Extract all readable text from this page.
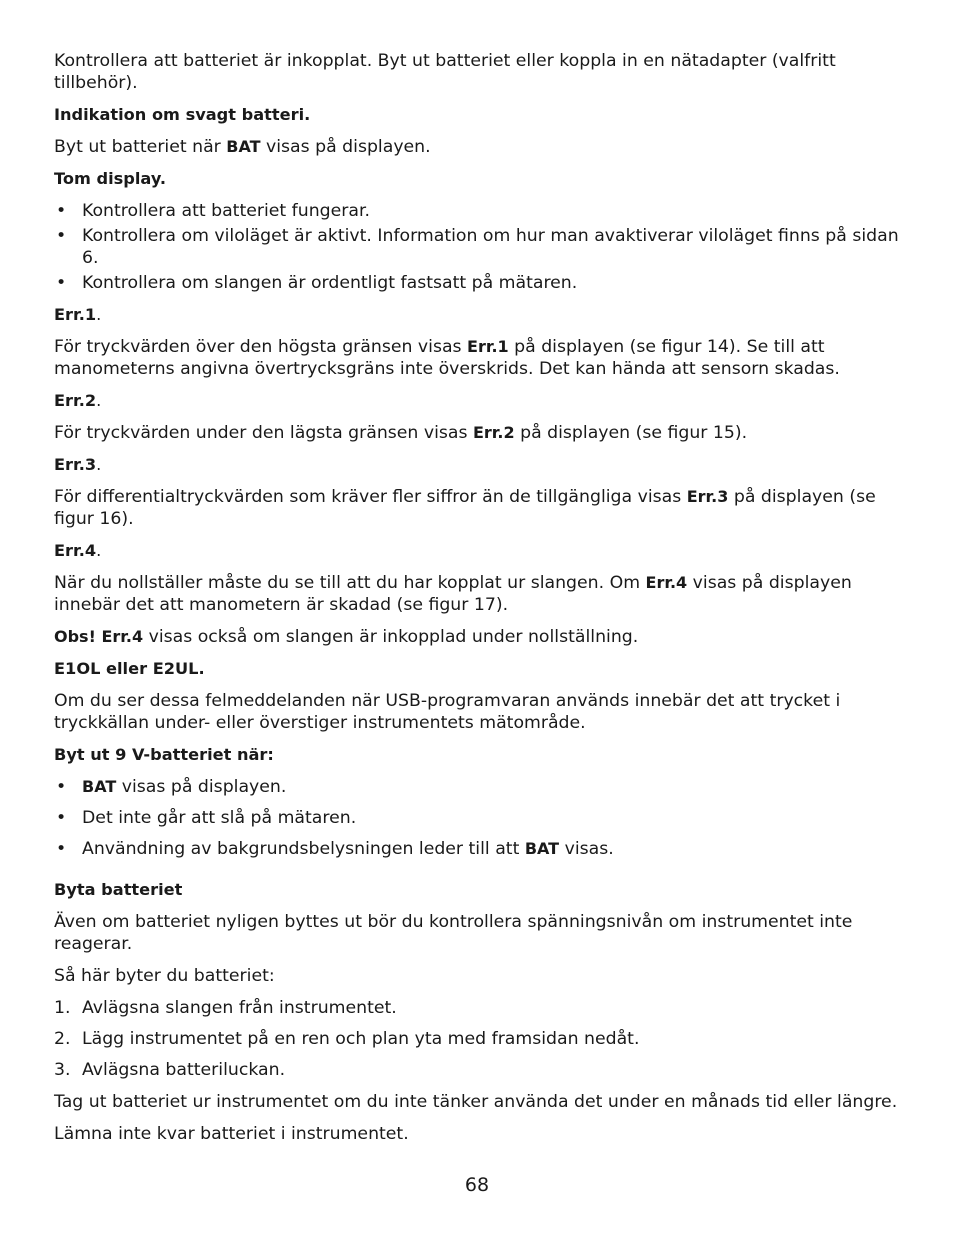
Kontrollera att batteriet är inkopplat. Byt ut batteriet eller koppla in en nätadapter (valfritt tillbehör).

Indikation om svagt batteri.

Byt ut batteriet när BAT visas på displayen.

Tom display.

• Kontrollera att batteriet fungerar.
• Kontrollera om viloläget är aktivt. Information om hur man avaktiverar viloläget finns på sidan 6.
• Kontrollera om slangen är ordentligt fastsatt på mätaren.

Err.1.

För tryckvärden över den högsta gränsen visas Err.1 på displayen (se figur 14). Se till att manometerns angivna övertrycksgräns inte överskrids. Det kan hända att sensorn skadas.

Err.2.

För tryckvärden under den lägsta gränsen visas Err.2 på displayen (se figur 15).

Err.3.

För differentialtryckvärden som kräver fler siffror än de tillgängliga visas Err.3 på displayen (se figur 16).

Err.4.

När du nollställer måste du se till att du har kopplat ur slangen. Om Err.4 visas på displayen innebär det att manometern är skadad (se figur 17).

Obs! Err.4 visas också om slangen är inkopplad under nollställning.

E1OL eller E2UL.

Om du ser dessa felmeddelanden när USB-programvaran används innebär det att trycket i tryckkällan under- eller överstiger instrumentets mätområde.

Byt ut 9 V-batteriet när:

• BAT visas på displayen.
• Det inte går att slå på mätaren.
• Användning av bakgrundsbelysningen leder till att BAT visas.

Byta batteriet

Även om batteriet nyligen byttes ut bör du kontrollera spänningsnivån om instrumentet inte reagerar.

Så här byter du batteriet:

1. Avlägsna slangen från instrumentet.
2. Lägg instrumentet på en ren och plan yta med framsidan nedåt.
3. Avlägsna batteriluckan.

Tag ut batteriet ur instrumentet om du inte tänker använda det under en månads tid eller längre.

Lämna inte kvar batteriet i instrumentet.

68
